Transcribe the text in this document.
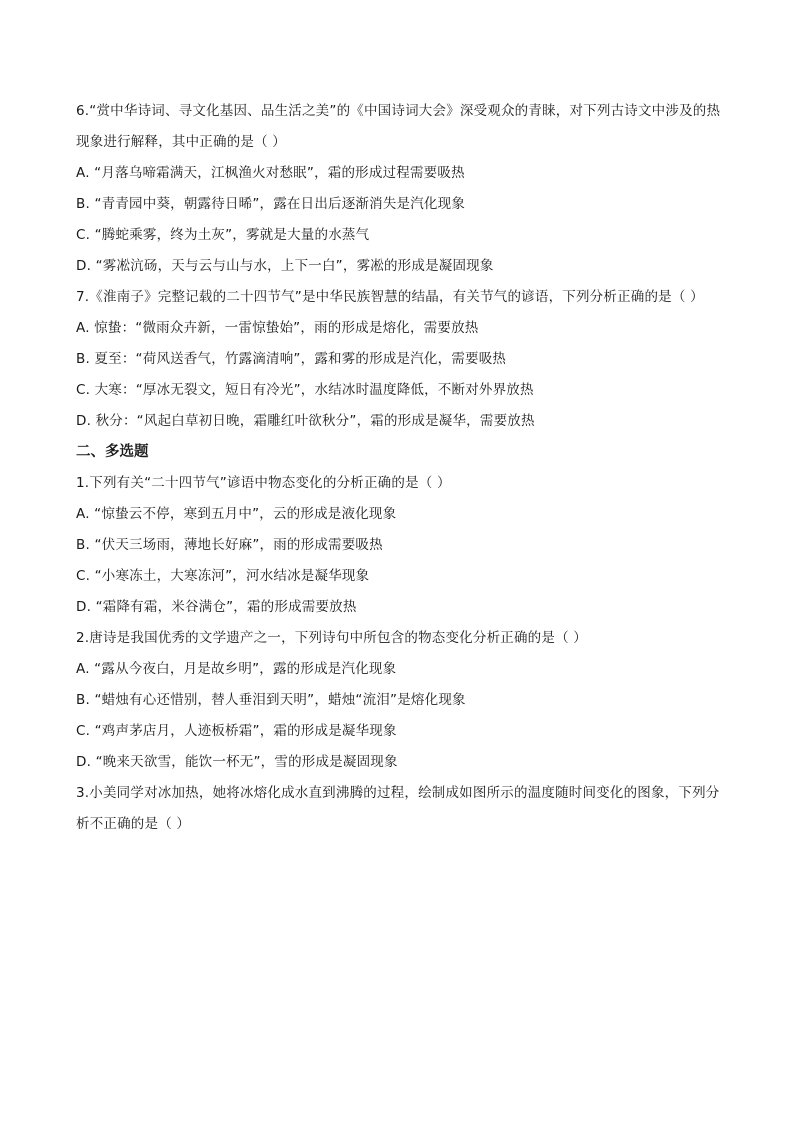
6.“赏中华诗词、寻文化基因、品生活之美”的《中国诗词大会》深受观众的青睐，对下列古诗文中涉及的热现象进行解释，其中正确的是（ ）
A. “月落乌啼霜满天，江枫渔火对愁眠”，霜的形成过程需要吸热
B. “青青园中葵，朝露待日晞”，露在日出后逐渐消失是汽化现象
C. “腾蛇乘雾，终为土灰”，雾就是大量的水蒸气
D. “雾凇沆砀，天与云与山与水，上下一白”，雾凇的形成是凝固现象
7.《淮南子》完整记载的二十四节气”是中华民族智慧的结晶，有关节气的谚语，下列分析正确的是（ ）
A. 惊蛰：“微雨众卉新，一雷惊蛰始”，雨的形成是熔化，需要放热
B. 夏至：“荷风送香气，竹露滴清响”，露和雾的形成是汽化，需要吸热
C. 大寒：“厚冰无裂文，短日有冷光”，水结冰时温度降低，不断对外界放热
D. 秋分：“风起白草初日晚，霜雕红叶欲秋分”，霜的形成是凝华，需要放热
二、多选题
1.下列有关“二十四节气”谚语中物态变化的分析正确的是（ ）
A. “惊蛰云不停，寒到五月中”，云的形成是液化现象
B. “伏天三场雨，薄地长好麻”，雨的形成需要吸热
C. “小寒冻土，大寒冻河”，河水结冰是凝华现象
D. “霜降有霜，米谷满仓”，霜的形成需要放热
2.唐诗是我国优秀的文学遗产之一，下列诗句中所包含的物态变化分析正确的是（ ）
A. “露从今夜白，月是故乡明”，露的形成是汽化现象
B. “蜡烛有心还惜别，替人垂泪到天明”，蜡烛“流泪”是熔化现象
C. “鸡声茅店月，人迹板桥霜”，霜的形成是凝华现象
D. “晚来天欲雪，能饮一杯无”，雪的形成是凝固现象
3.小美同学对冰加热，她将冰熔化成水直到沸腾的过程，绘制成如图所示的温度随时间变化的图象，下列分析不正确的是（ ）
